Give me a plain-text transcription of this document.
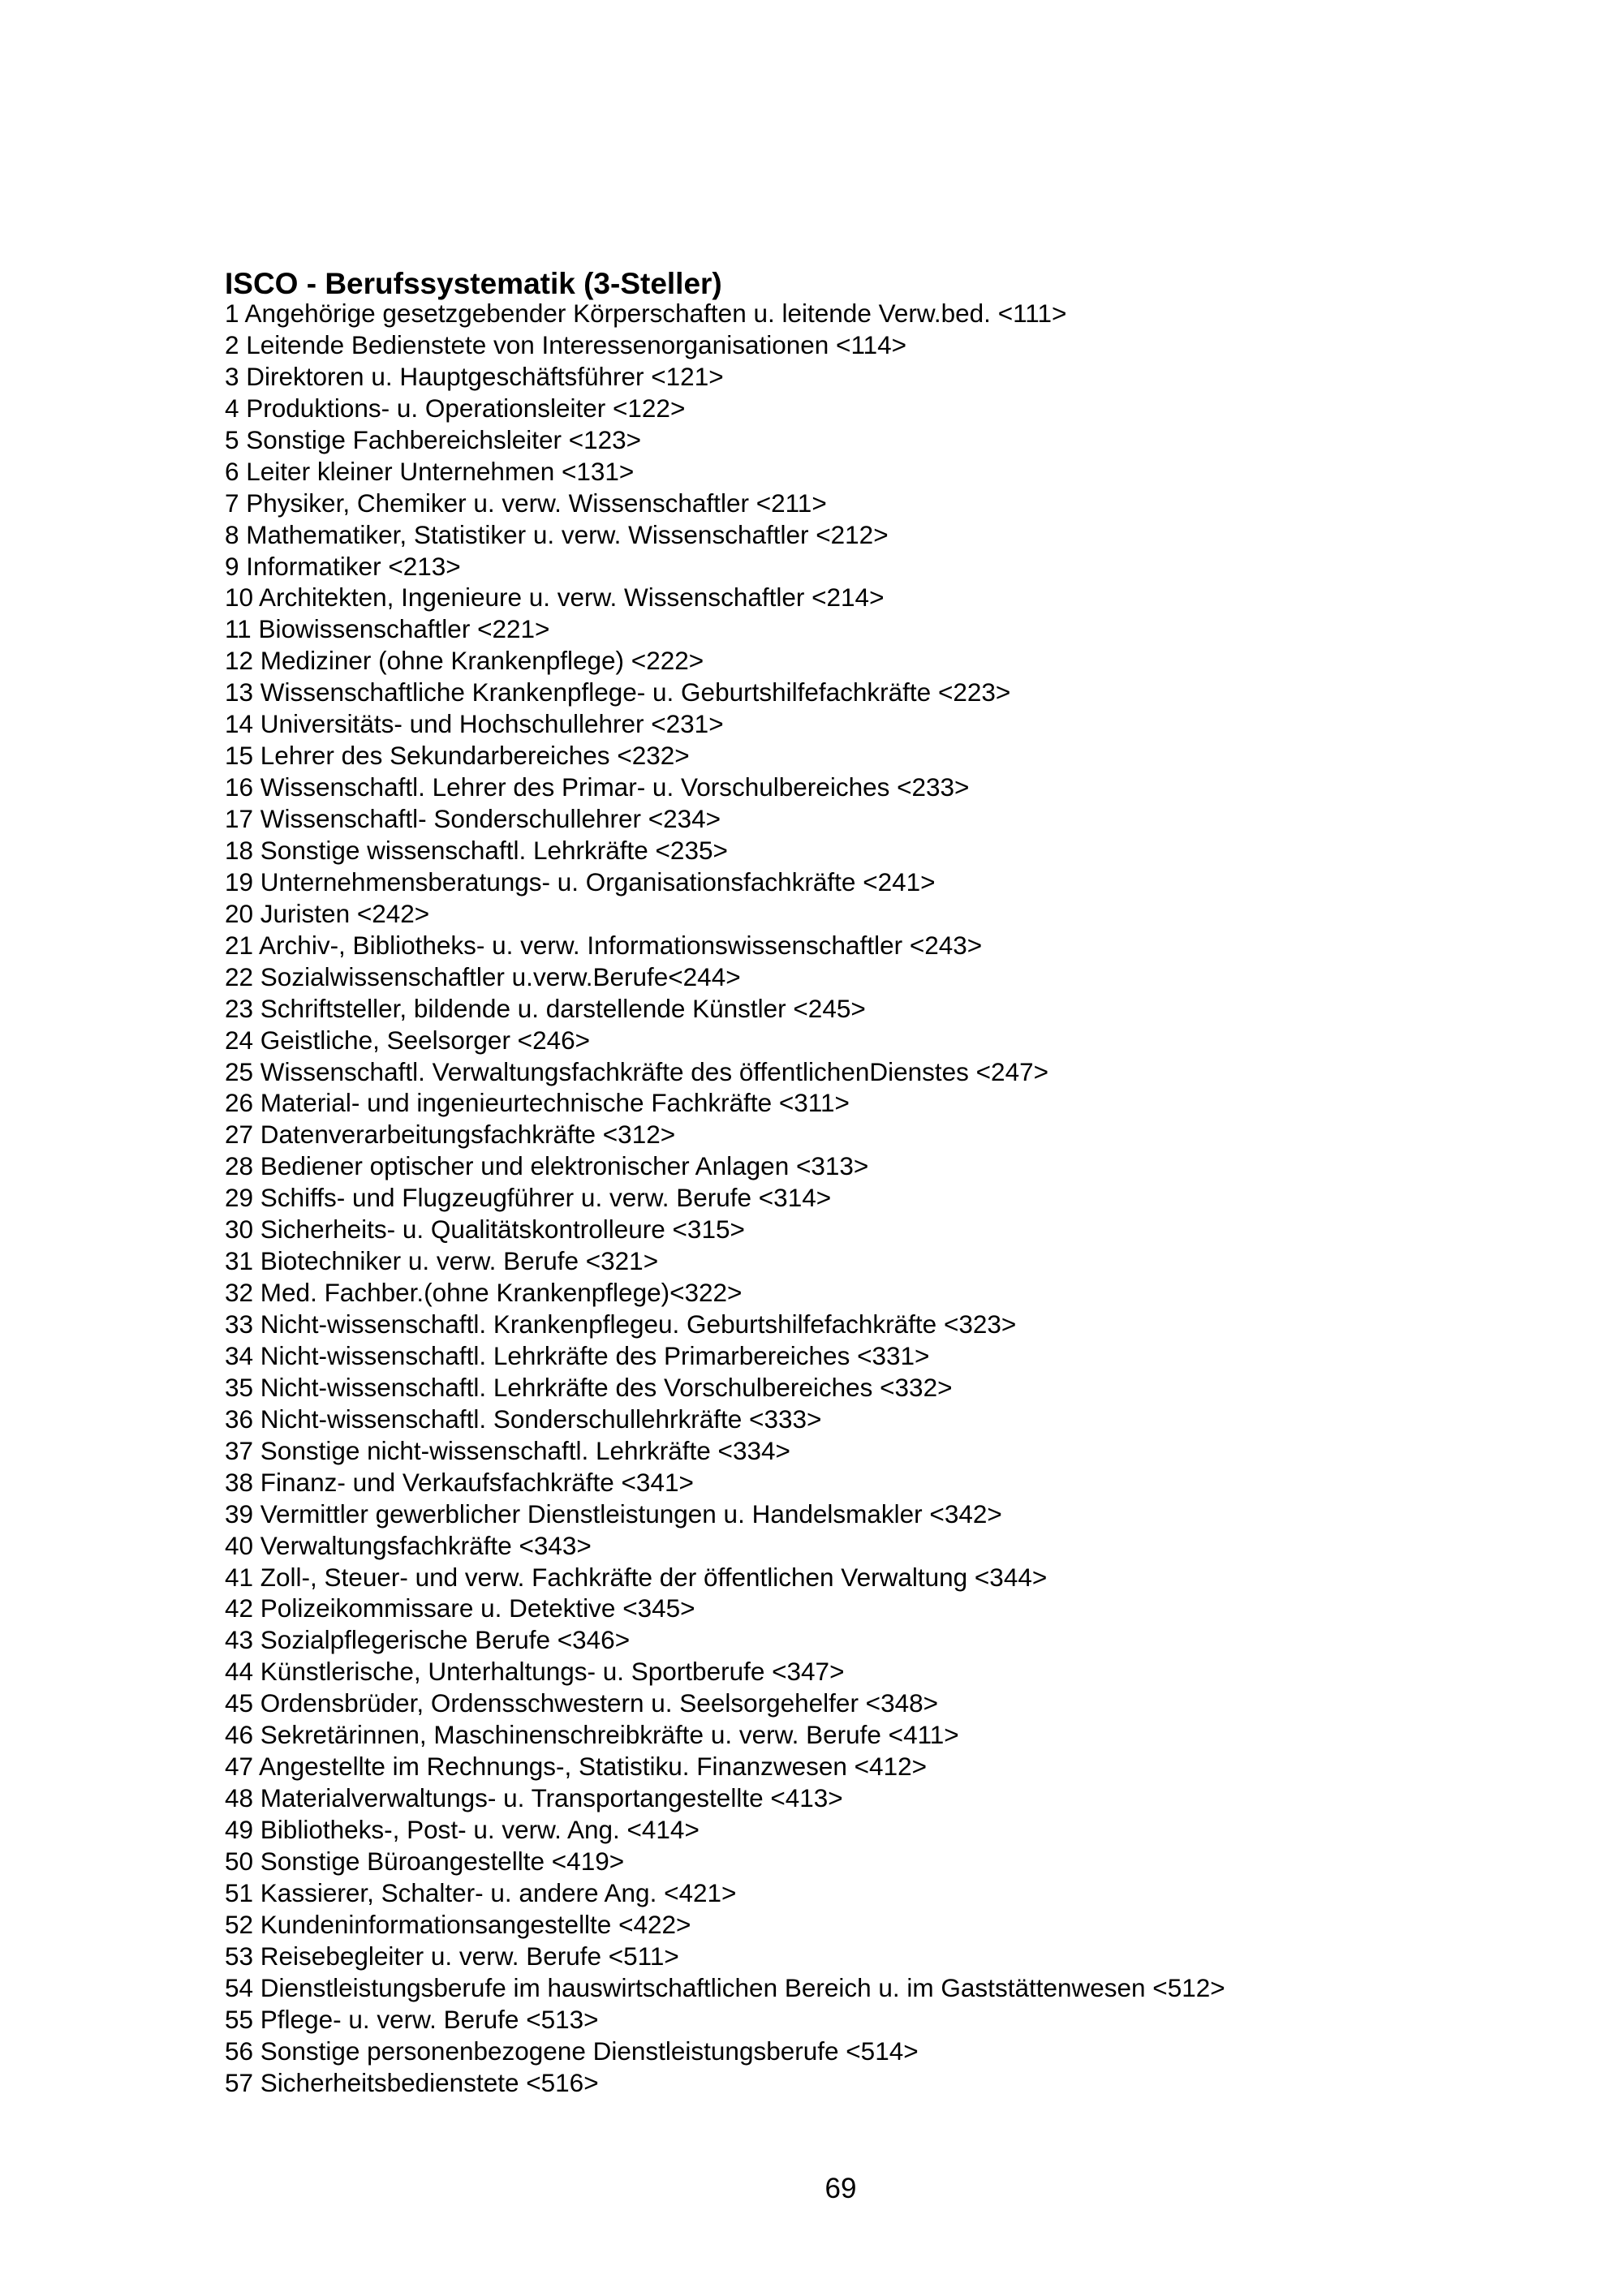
ISCO - Berufssystematik (3-Steller)
1 Angehörige gesetzgebender Körperschaften u. leitende Verw.bed. <111>
2 Leitende Bedienstete von Interessenorganisationen <114>
3 Direktoren u. Hauptgeschäftsführer <121>
4 Produktions- u. Operationsleiter <122>
5 Sonstige Fachbereichsleiter <123>
6 Leiter kleiner Unternehmen <131>
7 Physiker, Chemiker u. verw. Wissenschaftler <211>
8 Mathematiker, Statistiker u. verw. Wissenschaftler <212>
9 Informatiker <213>
10 Architekten, Ingenieure u. verw. Wissenschaftler <214>
11 Biowissenschaftler <221>
12 Mediziner (ohne Krankenpflege) <222>
13 Wissenschaftliche Krankenpflege- u. Geburtshilfefachkräfte <223>
14 Universitäts- und Hochschullehrer <231>
15 Lehrer des Sekundarbereiches <232>
16 Wissenschaftl. Lehrer des Primar- u. Vorschulbereiches <233>
17 Wissenschaftl- Sonderschullehrer <234>
18 Sonstige wissenschaftl. Lehrkräfte <235>
19 Unternehmensberatungs- u. Organisationsfachkräfte <241>
20 Juristen <242>
21 Archiv-, Bibliotheks- u. verw. Informationswissenschaftler <243>
22 Sozialwissenschaftler u.verw.Berufe<244>
23 Schriftsteller, bildende u. darstellende Künstler <245>
24 Geistliche, Seelsorger <246>
25 Wissenschaftl. Verwaltungsfachkräfte des öffentlichenDienstes <247>
26 Material- und ingenieurtechnische Fachkräfte <311>
27 Datenverarbeitungsfachkräfte <312>
28 Bediener optischer und elektronischer Anlagen <313>
29 Schiffs- und Flugzeugführer u. verw. Berufe <314>
30 Sicherheits- u. Qualitätskontrolleure <315>
31 Biotechniker u. verw. Berufe <321>
32 Med. Fachber.(ohne Krankenpflege)<322>
33 Nicht-wissenschaftl. Krankenpflegeu. Geburtshilfefachkräfte <323>
34 Nicht-wissenschaftl. Lehrkräfte des Primarbereiches <331>
35 Nicht-wissenschaftl. Lehrkräfte des Vorschulbereiches <332>
36 Nicht-wissenschaftl. Sonderschullehrkräfte <333>
37 Sonstige nicht-wissenschaftl. Lehrkräfte <334>
38 Finanz- und Verkaufsfachkräfte <341>
39 Vermittler gewerblicher Dienstleistungen u. Handelsmakler <342>
40 Verwaltungsfachkräfte <343>
41 Zoll-, Steuer- und verw. Fachkräfte der öffentlichen Verwaltung <344>
42 Polizeikommissare u. Detektive <345>
43 Sozialpflegerische Berufe <346>
44 Künstlerische, Unterhaltungs- u. Sportberufe <347>
45 Ordensbrüder, Ordensschwestern u. Seelsorgehelfer <348>
46 Sekretärinnen, Maschinenschreibkräfte u. verw. Berufe <411>
47 Angestellte im Rechnungs-, Statistiku. Finanzwesen <412>
48 Materialverwaltungs- u. Transportangestellte <413>
49 Bibliotheks-, Post- u. verw. Ang. <414>
50 Sonstige Büroangestellte <419>
51 Kassierer, Schalter- u. andere Ang. <421>
52 Kundeninformationsangestellte <422>
53 Reisebegleiter u. verw. Berufe <511>
54 Dienstleistungsberufe im hauswirtschaftlichen Bereich u. im Gaststättenwesen <512>
55 Pflege- u. verw. Berufe <513>
56 Sonstige personenbezogene Dienstleistungsberufe <514>
57 Sicherheitsbedienstete <516>
69
